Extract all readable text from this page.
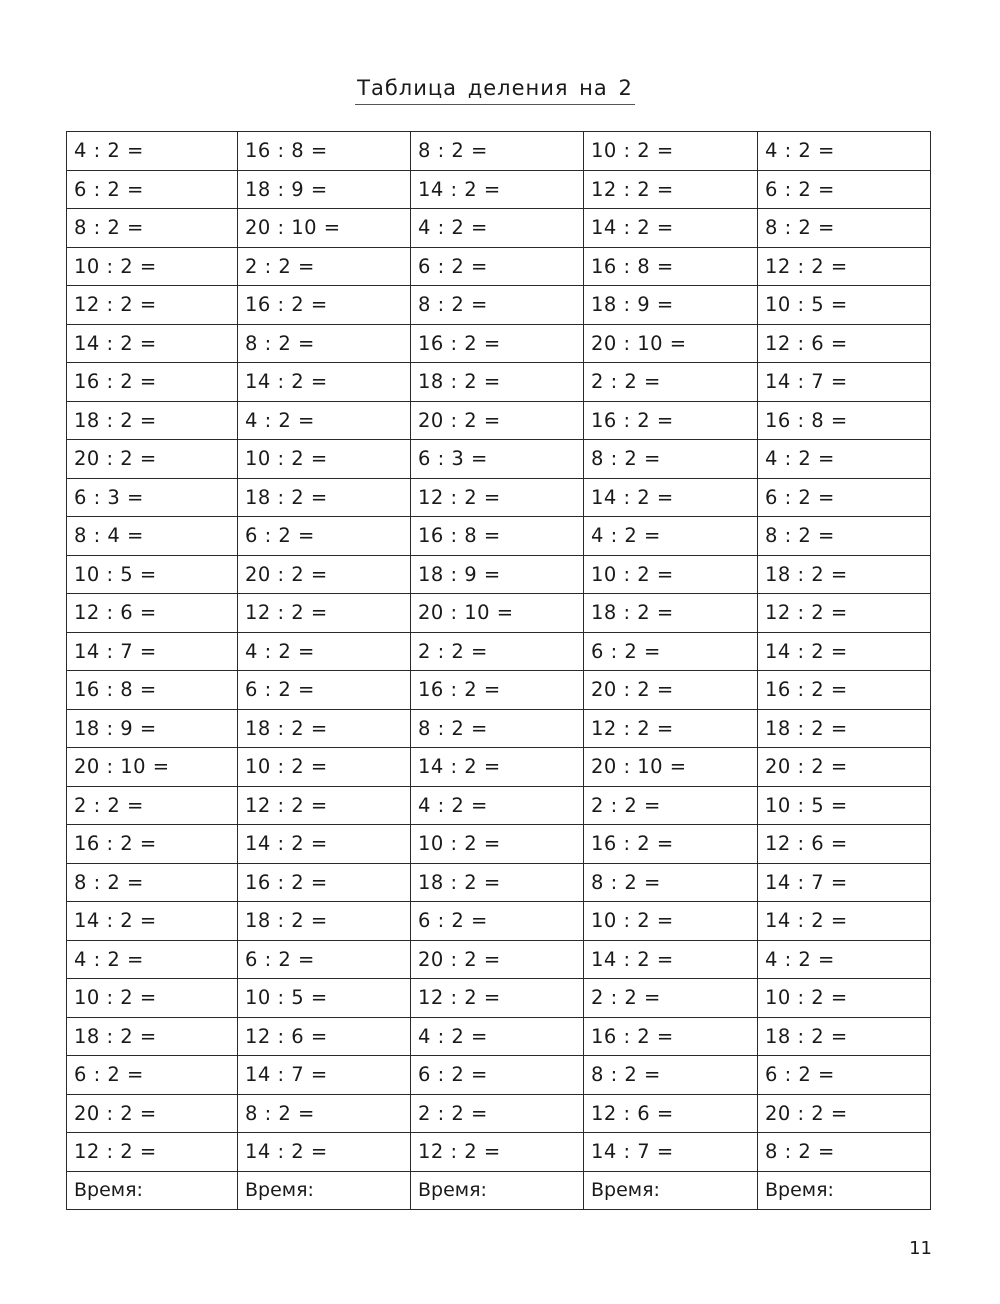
Таблица деления на 2
4 : 2 =	16 : 8 =	8 : 2 =	10 : 2 =	4 : 2 =
6 : 2 =	18 : 9 =	14 : 2 =	12 : 2 =	6 : 2 =
8 : 2 =	20 : 10 =	4 : 2 =	14 : 2 =	8 : 2 =
10 : 2 =	2 : 2 =	6 : 2 =	16 : 8 =	12 : 2 =
12 : 2 =	16 : 2 =	8 : 2 =	18 : 9 =	10 : 5 =
14 : 2 =	8 : 2 =	16 : 2 =	20 : 10 =	12 : 6 =
16 : 2 =	14 : 2 =	18 : 2 =	2 : 2 =	14 : 7 =
18 : 2 =	4 : 2 =	20 : 2 =	16 : 2 =	16 : 8 =
20 : 2 =	10 : 2 =	6 : 3 =	8 : 2 =	4 : 2 =
6 : 3 =	18 : 2 =	12 : 2 =	14 : 2 =	6 : 2 =
8 : 4 =	6 : 2 =	16 : 8 =	4 : 2 =	8 : 2 =
10 : 5 =	20 : 2 =	18 : 9 =	10 : 2 =	18 : 2 =
12 : 6 =	12 : 2 =	20 : 10 =	18 : 2 =	12 : 2 =
14 : 7 =	4 : 2 =	2 : 2 =	6 : 2 =	14 : 2 =
16 : 8 =	6 : 2 =	16 : 2 =	20 : 2 =	16 : 2 =
18 : 9 =	18 : 2 =	8 : 2 =	12 : 2 =	18 : 2 =
20 : 10 =	10 : 2 =	14 : 2 =	20 : 10 =	20 : 2 =
2 : 2 =	12 : 2 =	4 : 2 =	2 : 2 =	10 : 5 =
16 : 2 =	14 : 2 =	10 : 2 =	16 : 2 =	12 : 6 =
8 : 2 =	16 : 2 =	18 : 2 =	8 : 2 =	14 : 7 =
14 : 2 =	18 : 2 =	6 : 2 =	10 : 2 =	14 : 2 =
4 : 2 =	6 : 2 =	20 : 2 =	14 : 2 =	4 : 2 =
10 : 2 =	10 : 5 =	12 : 2 =	2 : 2 =	10 : 2 =
18 : 2 =	12 : 6 =	4 : 2 =	16 : 2 =	18 : 2 =
6 : 2 =	14 : 7 =	6 : 2 =	8 : 2 =	6 : 2 =
20 : 2 =	8 : 2 =	2 : 2 =	12 : 6 =	20 : 2 =
12 : 2 =	14 : 2 =	12 : 2 =	14 : 7 =	8 : 2 =
Время:	Время:	Время:	Время:	Время:
11
